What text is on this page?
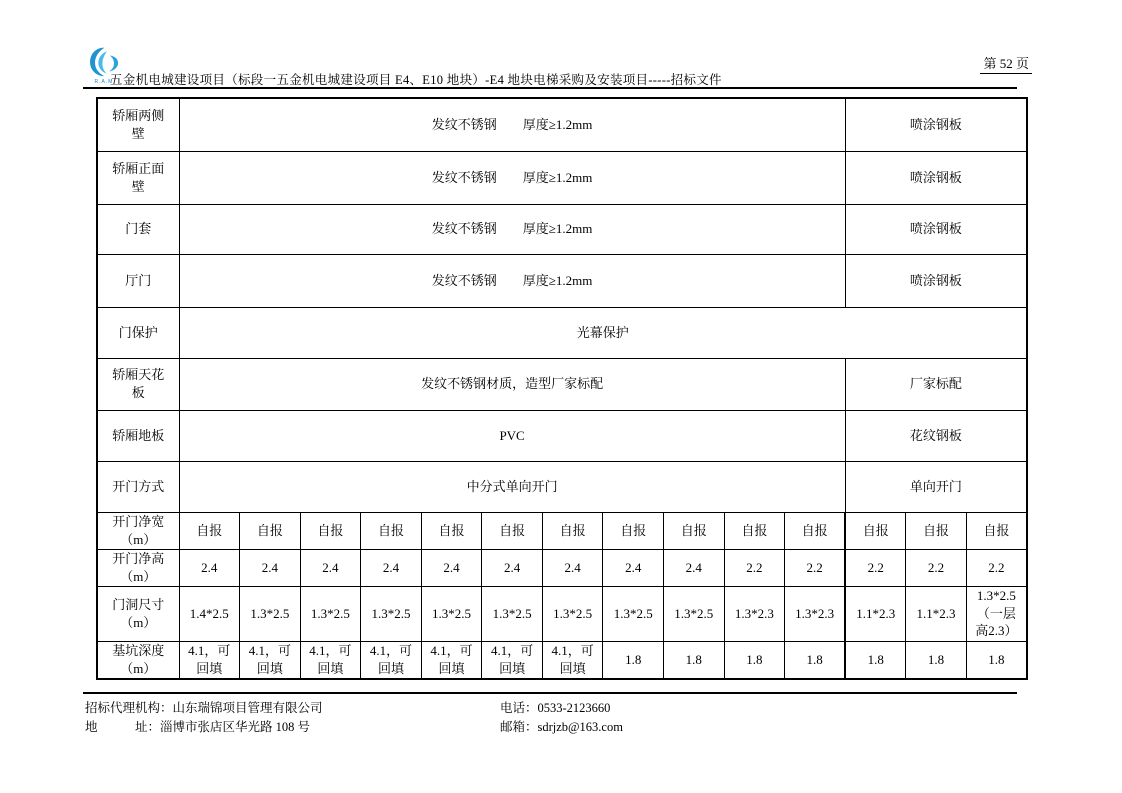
R.A.M
五金机电城建设项目（标段一五金机电城建设项目 E4、E10 地块）-E4 地块电梯采购及安装项目-----招标文件
第 52 页
轿厢两侧壁	发纹不锈钢　　厚度≥1.2mm											喷涂钢板		
轿厢正面壁	发纹不锈钢　　厚度≥1.2mm											喷涂钢板		
门套	发纹不锈钢　　厚度≥1.2mm											喷涂钢板		
厅门	发纹不锈钢　　厚度≥1.2mm											喷涂钢板		
门保护	光幕保护													
轿厢天花板	发纹不锈钢材质，造型厂家标配											厂家标配		
轿厢地板	PVC											花纹钢板		
开门方式	中分式单向开门											单向开门		
开门净宽（m）	自报	自报	自报	自报	自报	自报	自报	自报	自报	自报	自报	自报	自报	自报
开门净高（m）	2.4	2.4	2.4	2.4	2.4	2.4	2.4	2.4	2.4	2.2	2.2	2.2	2.2	2.2
门洞尺寸（m）	1.4*2.5	1.3*2.5	1.3*2.5	1.3*2.5	1.3*2.5	1.3*2.5	1.3*2.5	1.3*2.5	1.3*2.5	1.3*2.3	1.3*2.3	1.1*2.3	1.1*2.3	1.3*2.5（一层高2.3）
基坑深度（m）	4.1，可回填	4.1，可回填	4.1，可回填	4.1，可回填	4.1，可回填	4.1，可回填	4.1，可回填	1.8	1.8	1.8	1.8	1.8	1.8	1.8
招标代理机构：山东瑞锦项目管理有限公司	电话：0533-2123660
地　　　址：淄博市张店区华光路 108 号	邮箱：sdrjzb@163.com
